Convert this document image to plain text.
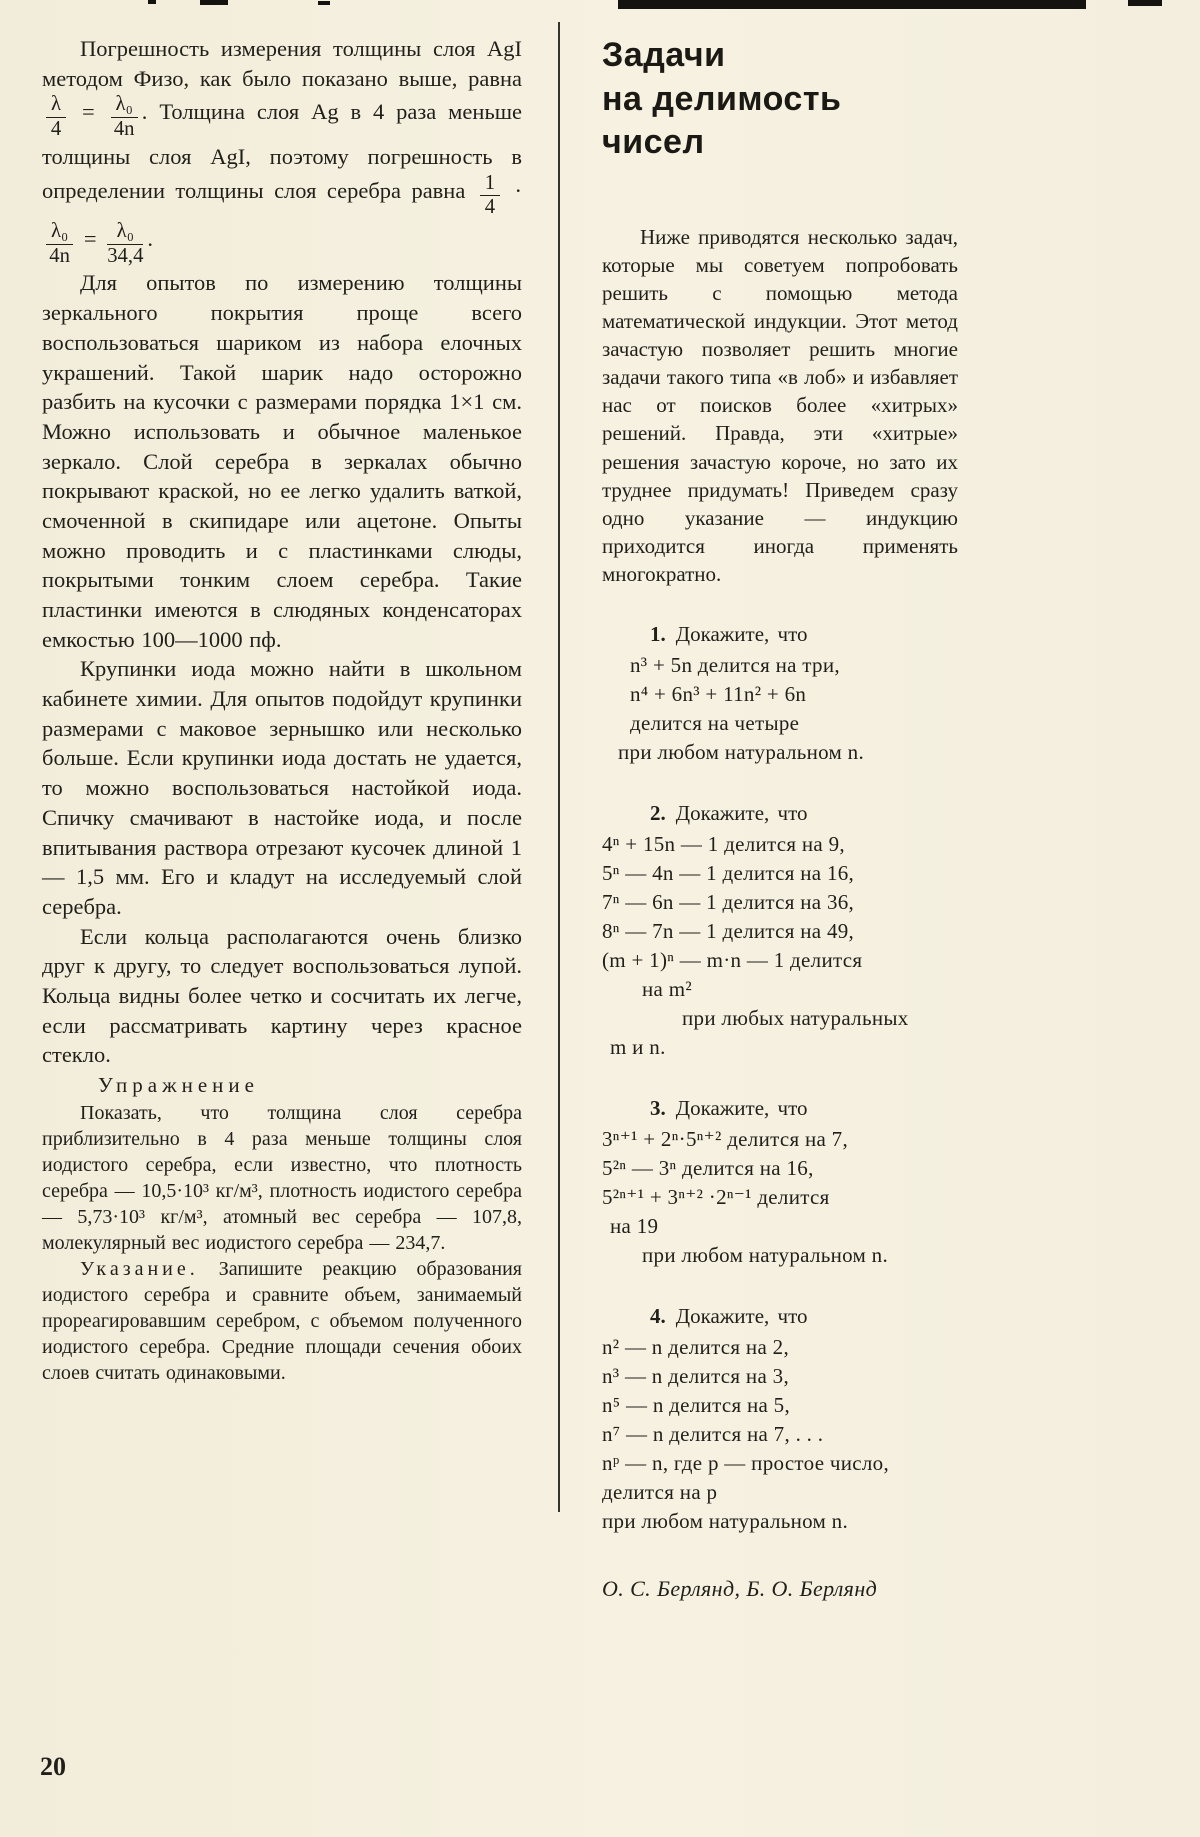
Погрешность измерения толщины слоя AgI методом Физо, как было показано выше, равна
$\frac{\lambda}{4} = \frac{\text{λ₀}}{4n}$ . Толщина слоя Ag в 4 раза меньше толщины слоя AgI, поэтому погрешность в определении толщины слоя серебра равна $\frac{1}{4}$ ·
$\frac{\text{λ₀}}{4n} = \frac{\text{λ₀}}{34,4}$ .

Для опытов по измерению толщины зеркального покрытия проще всего воспользоваться шариком из набора елочных украшений. Такой шарик надо осторожно разбить на кусочки с размерами порядка 1×1 см. Можно использовать и обычное маленькое зеркало. Слой серебра в зеркалах обычно покрывают краской, но ее легко удалить ваткой, смоченной в скипидаре или ацетоне. Опыты можно проводить и с пластинками слюды, покрытыми тонким слоем серебра. Такие пластинки имеются в слюдяных конденсаторах емкостью 100—1000 пф.

Крупинки иода можно найти в школьном кабинете химии. Для опытов подойдут крупинки размерами с маковое зернышко или несколько больше. Если крупинки иода достать не удается, то можно воспользоваться настойкой иода. Спичку смачивают в настойке иода, и после впитывания раствора отрезают кусочек длиной 1 — 1,5 мм. Его и кладут на исследуемый слой серебра.

Если кольца располагаются очень близко друг к другу, то следует воспользоваться лупой. Кольца видны более четко и сосчитать их легче, если рассматривать картину через красное стекло.

Упражнение

Показать, что толщина слоя серебра приблизительно в 4 раза меньше толщины слоя иодистого серебра, если известно, что плотность серебра — 10,5·10³ кг/м³, плотность иодистого серебра — 5,73·10³ кг/м³, атомный вес серебра — 107,8, молекулярный вес иодистого серебра — 234,7.

Указание. Запишите реакцию образования иодистого серебра и сравните объем, занимаемый прореагировавшим серебром, с объемом полученного иодистого серебра. Средние площади сечения обоих слоев считать одинаковыми.

Задачи
на делимость
чисел

Ниже приводятся несколько задач, которые мы советуем попробовать решить с помощью метода математической индукции. Этот метод зачастую позволяет решить многие задачи такого типа «в лоб» и избавляет нас от поисков более «хитрых» решений. Правда, эти «хитрые» решения зачастую короче, но зато их труднее придумать! Приведем сразу одно указание — индукцию приходится иногда применять многократно.

1. Докажите, что
n³ + 5n делится на три,
n⁴ + 6n³ + 11n² + 6n
делится на четыре
при любом натуральном n.
2. Докажите, что
4ⁿ + 15n — 1 делится на 9,
5ⁿ — 4n — 1 делится на 16,
7ⁿ — 6n — 1 делится на 36,
8ⁿ — 7n — 1 делится на 49,
(m + 1)ⁿ — m·n — 1 делится
на m²
при любых натуральных
m и n.
3. Докажите, что
3ⁿ⁺¹ + 2ⁿ·5ⁿ⁺² делится на 7,
5²ⁿ — 3ⁿ делится на 16,
5²ⁿ⁺¹ + 3ⁿ⁺² ·2ⁿ⁻¹ делится
на 19
при любом натуральном n.
4. Докажите, что
n² — n делится на 2,
n³ — n делится на 3,
n⁵ — n делится на 5,
n⁷ — n делится на 7, . . .
nᵖ — n, где p — простое число,
делится на p
при любом натуральном n.

О. С. Берлянд, Б. О. Берлянд

20
